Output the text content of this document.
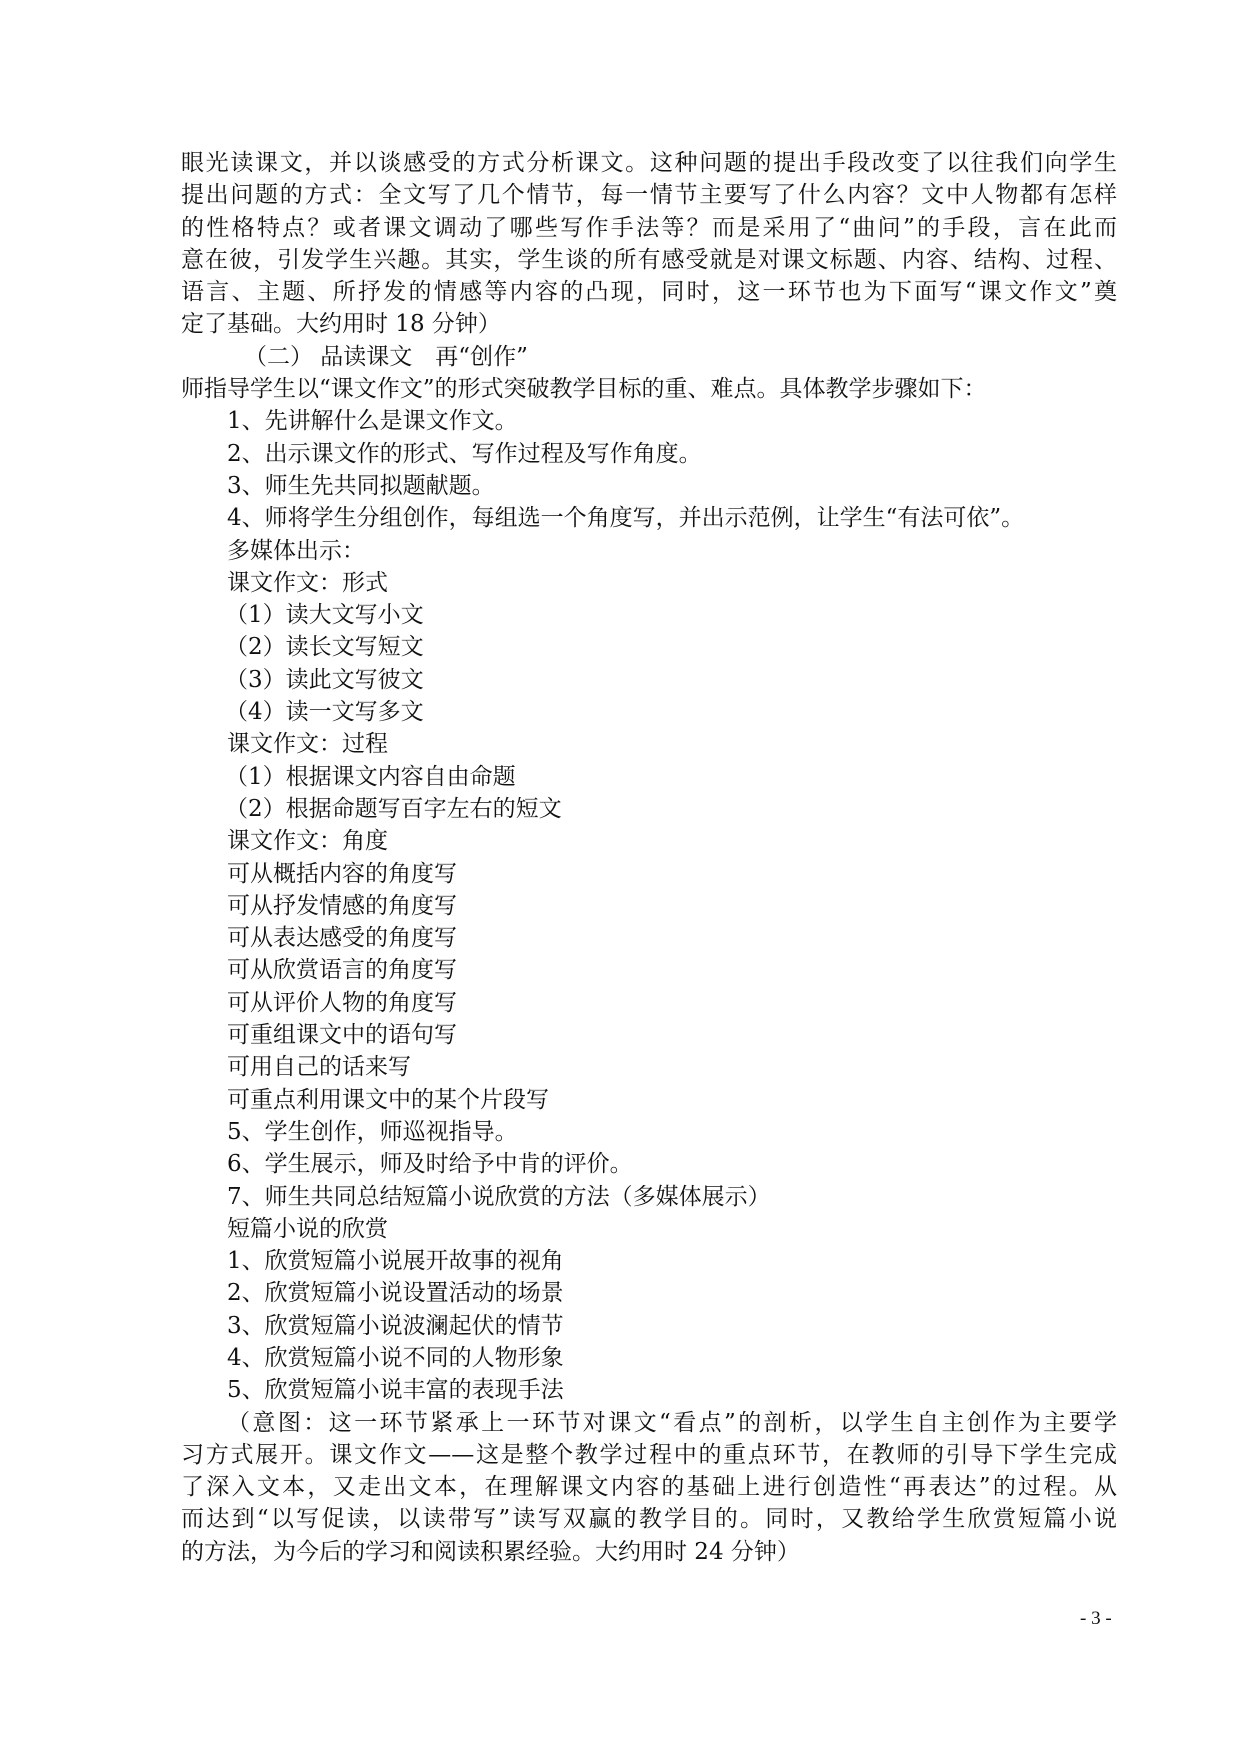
眼光读课文，并以谈感受的方式分析课文。这种问题的提出手段改变了以往我们向学生
提出问题的方式：全文写了几个情节，每一情节主要写了什么内容？文中人物都有怎样
的性格特点？或者课文调动了哪些写作手法等？而是采用了“曲问”的手段，言在此而
意在彼，引发学生兴趣。其实，学生谈的所有感受就是对课文标题、内容、结构、过程、
语言、主题、所抒发的情感等内容的凸现，同时，这一环节也为下面写“课文作文”奠
定了基础。大约用时 18 分钟）
（二） 品读课文　再“创作”
师指导学生以“课文作文”的形式突破教学目标的重、难点。具体教学步骤如下：
1、先讲解什么是课文作文。
2、出示课文作的形式、写作过程及写作角度。
3、师生先共同拟题献题。
4、师将学生分组创作，每组选一个角度写，并出示范例，让学生“有法可依”。
多媒体出示：
课文作文：形式
（1）读大文写小文
（2）读长文写短文
（3）读此文写彼文
（4）读一文写多文
课文作文：过程
（1）根据课文内容自由命题
（2）根据命题写百字左右的短文
课文作文：角度
可从概括内容的角度写
可从抒发情感的角度写
可从表达感受的角度写
可从欣赏语言的角度写
可从评价人物的角度写
可重组课文中的语句写
可用自己的话来写
可重点利用课文中的某个片段写
5、学生创作，师巡视指导。
6、学生展示，师及时给予中肯的评价。
7、师生共同总结短篇小说欣赏的方法（多媒体展示）
短篇小说的欣赏
1、欣赏短篇小说展开故事的视角
2、欣赏短篇小说设置活动的场景
3、欣赏短篇小说波澜起伏的情节
4、欣赏短篇小说不同的人物形象
5、欣赏短篇小说丰富的表现手法
（意图：这一环节紧承上一环节对课文“看点”的剖析，以学生自主创作为主要学
习方式展开。课文作文——这是整个教学过程中的重点环节，在教师的引导下学生完成
了深入文本，又走出文本，在理解课文内容的基础上进行创造性“再表达”的过程。从
而达到“以写促读，以读带写”读写双赢的教学目的。同时，又教给学生欣赏短篇小说
的方法，为今后的学习和阅读积累经验。大约用时 24 分钟）
- 3 -
